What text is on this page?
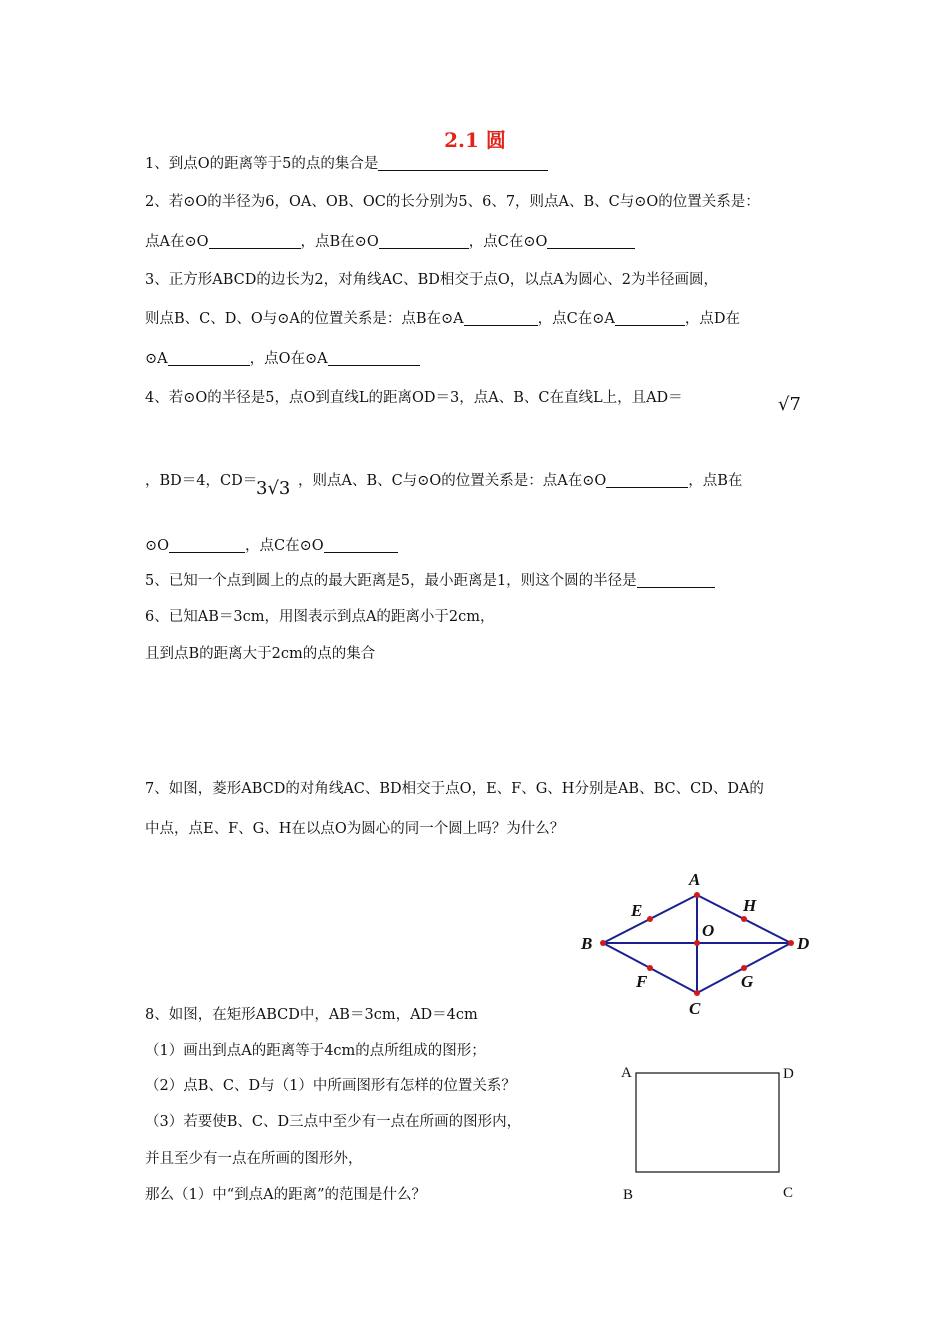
2.1 圆
1、到点O的距离等于5的点的集合是
2、若⊙O的半径为6，OA、OB、OC的长分别为5、6、7，则点A、B、C与⊙O的位置关系是：
点A在⊙O	，点B在⊙O	，点C在⊙O
3、正方形ABCD的边长为2，对角线AC、BD相交于点O，以点A为圆心、2为半径画圆，
则点B、C、D、O与⊙A的位置关系是：点B在⊙A	，点C在⊙A	，点D在
⊙A	，点O在⊙A
4、若⊙O的半径是5，点O到直线L的距离OD＝3，点A、B、C在直线L上，且AD＝	√7
，BD＝4，CD＝
3√3 ，则点A、B、C与⊙O的位置关系是：点A在⊙O	，点B在
⊙O	，点C在⊙O
5、已知一个点到圆上的点的最大距离是5，最小距离是1，则这个圆的半径是
6、已知AB＝3cm，用图表示到点A的距离小于2cm，
且到点B的距离大于2cm的点的集合
7、如图，菱形ABCD的对角线AC、BD相交于点O，E、F、G、H分别是AB、BC、CD、DA的
中点，点E、F、G、H在以点O为圆心的同一个圆上吗？为什么？
A
B
C
D
E
F	G
H
O
8、如图，在矩形ABCD中，AB＝3cm，AD＝4cm
（1）画出到点A的距离等于4cm的点所组成的图形；
（2）点B、C、D与（1）中所画图形有怎样的位置关系？
（3）若要使B、C、D三点中至少有一点在所画的图形内，
并且至少有一点在所画的图形外，
那么（1）中“到点A的距离”的范围是什么？
A	D
B	C
